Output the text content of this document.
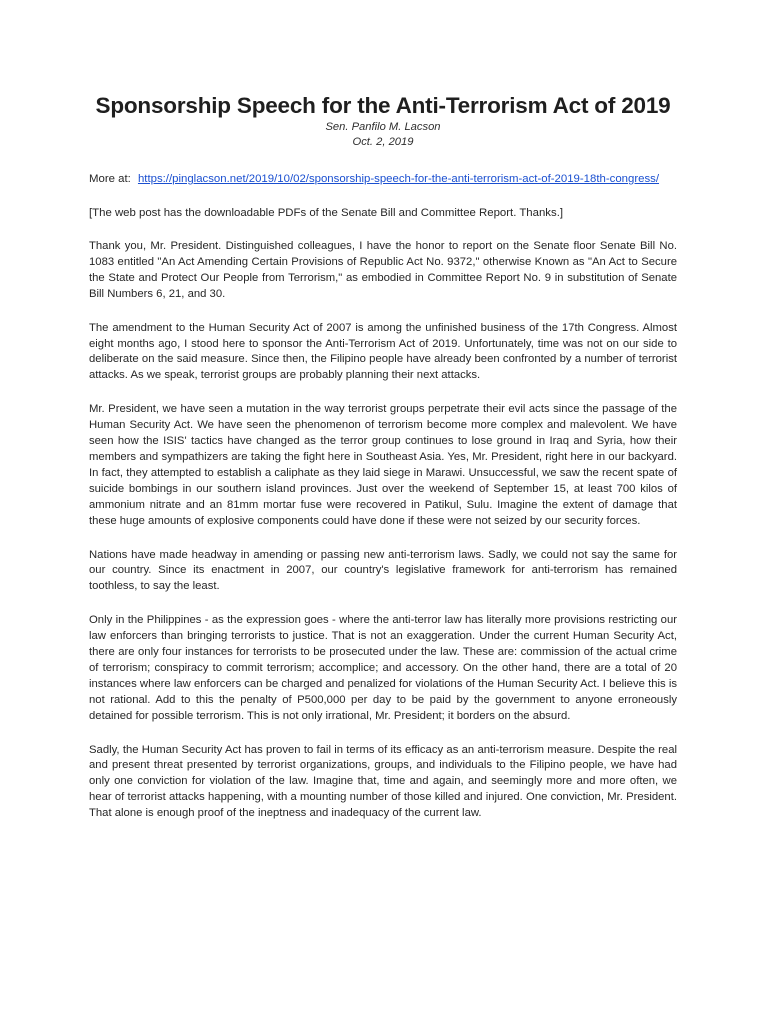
Sponsorship Speech for the Anti-Terrorism Act of 2019
Sen. Panfilo M. Lacson
Oct. 2, 2019
More at: https://pinglacson.net/2019/10/02/sponsorship-speech-for-the-anti-terrorism-act-of-2019-18th-congress/
[The web post has the downloadable PDFs of the Senate Bill and Committee Report. Thanks.]

Thank you, Mr. President. Distinguished colleagues, I have the honor to report on the Senate floor Senate Bill No. 1083 entitled "An Act Amending Certain Provisions of Republic Act No. 9372," otherwise Known as "An Act to Secure the State and Protect Our People from Terrorism," as embodied in Committee Report No. 9 in substitution of Senate Bill Numbers 6, 21, and 30.

The amendment to the Human Security Act of 2007 is among the unfinished business of the 17th Congress. Almost eight months ago, I stood here to sponsor the Anti-Terrorism Act of 2019. Unfortunately, time was not on our side to deliberate on the said measure. Since then, the Filipino people have already been confronted by a number of terrorist attacks. As we speak, terrorist groups are probably planning their next attacks.

Mr. President, we have seen a mutation in the way terrorist groups perpetrate their evil acts since the passage of the Human Security Act. We have seen the phenomenon of terrorism become more complex and malevolent. We have seen how the ISIS' tactics have changed as the terror group continues to lose ground in Iraq and Syria, how their members and sympathizers are taking the fight here in Southeast Asia. Yes, Mr. President, right here in our backyard. In fact, they attempted to establish a caliphate as they laid siege in Marawi. Unsuccessful, we saw the recent spate of suicide bombings in our southern island provinces. Just over the weekend of September 15, at least 700 kilos of ammonium nitrate and an 81mm mortar fuse were recovered in Patikul, Sulu. Imagine the extent of damage that these huge amounts of explosive components could have done if these were not seized by our security forces.

Nations have made headway in amending or passing new anti-terrorism laws. Sadly, we could not say the same for our country. Since its enactment in 2007, our country's legislative framework for anti-terrorism has remained toothless, to say the least.

Only in the Philippines - as the expression goes - where the anti-terror law has literally more provisions restricting our law enforcers than bringing terrorists to justice. That is not an exaggeration. Under the current Human Security Act, there are only four instances for terrorists to be prosecuted under the law. These are: commission of the actual crime of terrorism; conspiracy to commit terrorism; accomplice; and accessory. On the other hand, there are a total of 20 instances where law enforcers can be charged and penalized for violations of the Human Security Act. I believe this is not rational. Add to this the penalty of P500,000 per day to be paid by the government to anyone erroneously detained for possible terrorism. This is not only irrational, Mr. President; it borders on the absurd.

Sadly, the Human Security Act has proven to fail in terms of its efficacy as an anti-terrorism measure. Despite the real and present threat presented by terrorist organizations, groups, and individuals to the Filipino people, we have had only one conviction for violation of the law. Imagine that, time and again, and seemingly more and more often, we hear of terrorist attacks happening, with a mounting number of those killed and injured. One conviction, Mr. President. That alone is enough proof of the ineptness and inadequacy of the current law.
